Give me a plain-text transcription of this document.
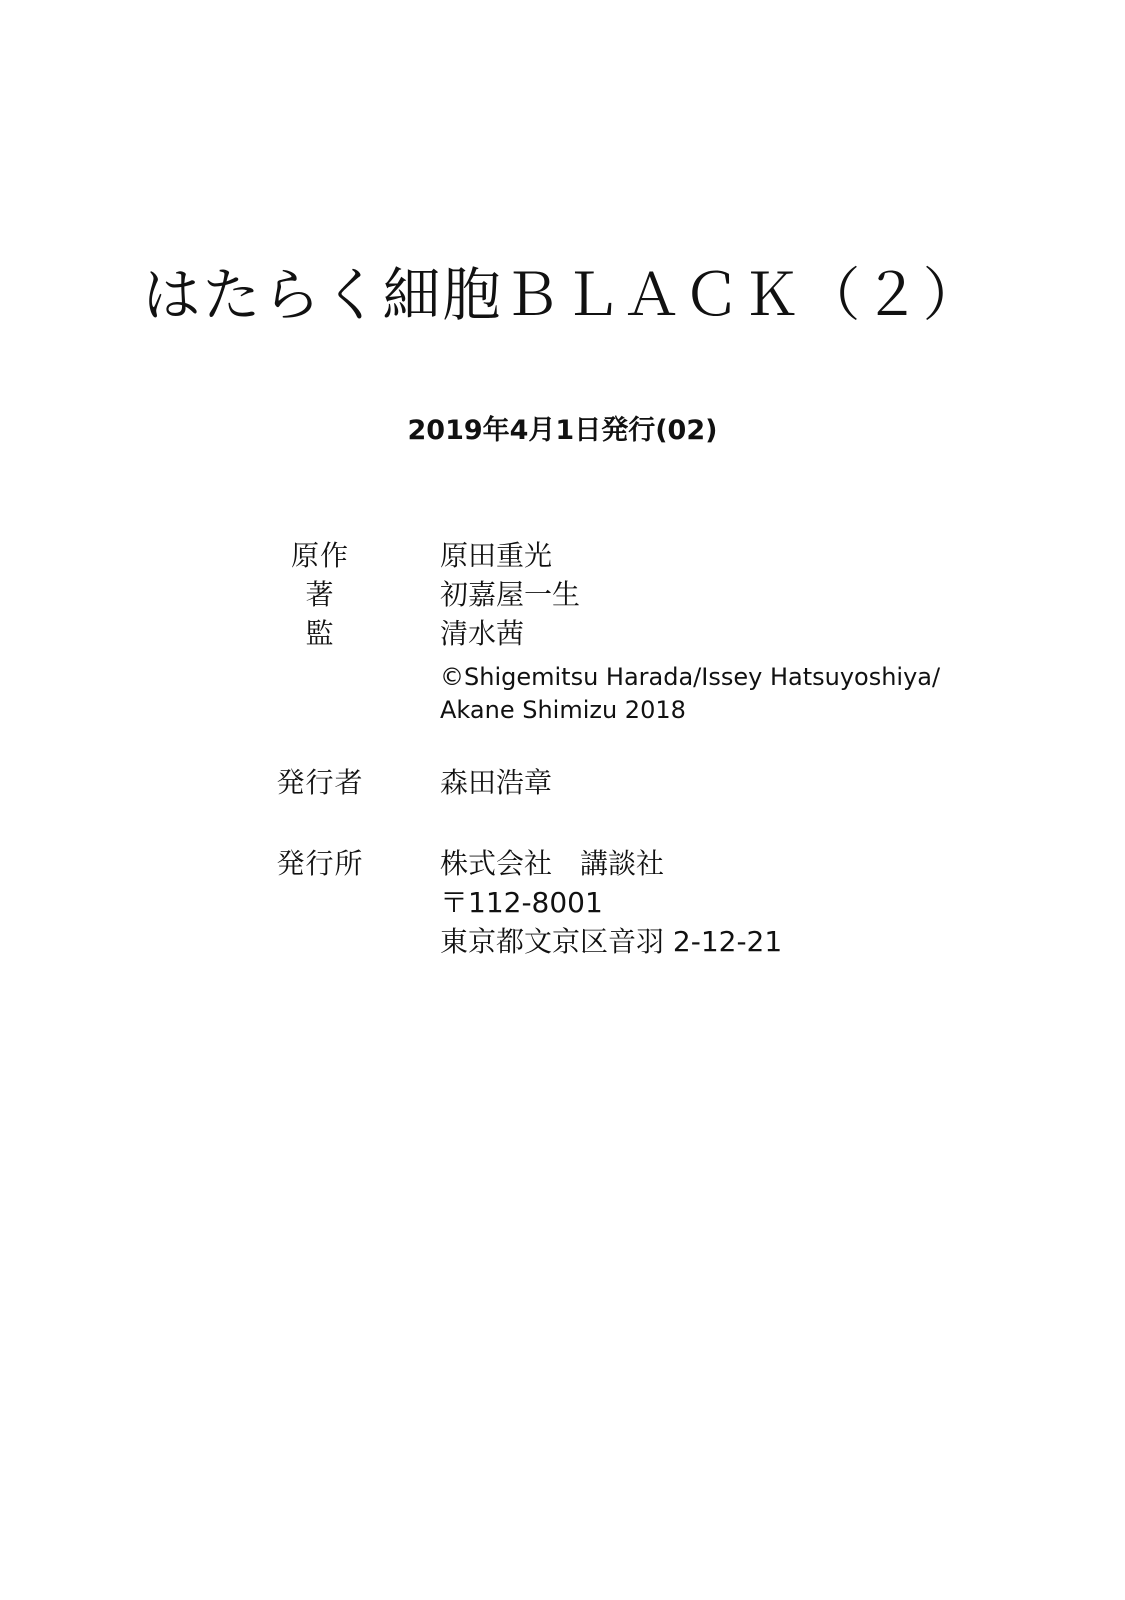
はたらく細胞ＢＬＡＣＫ（２）
2019年4月1日発行(02)
原作	原田重光
著	初嘉屋一生
監	清水茜
©Shigemitsu Harada/Issey Hatsuyoshiya/
Akane Shimizu 2018
発行者	森田浩章
発行所	株式会社　講談社
〒112-8001
東京都文京区音羽 2-12-21
